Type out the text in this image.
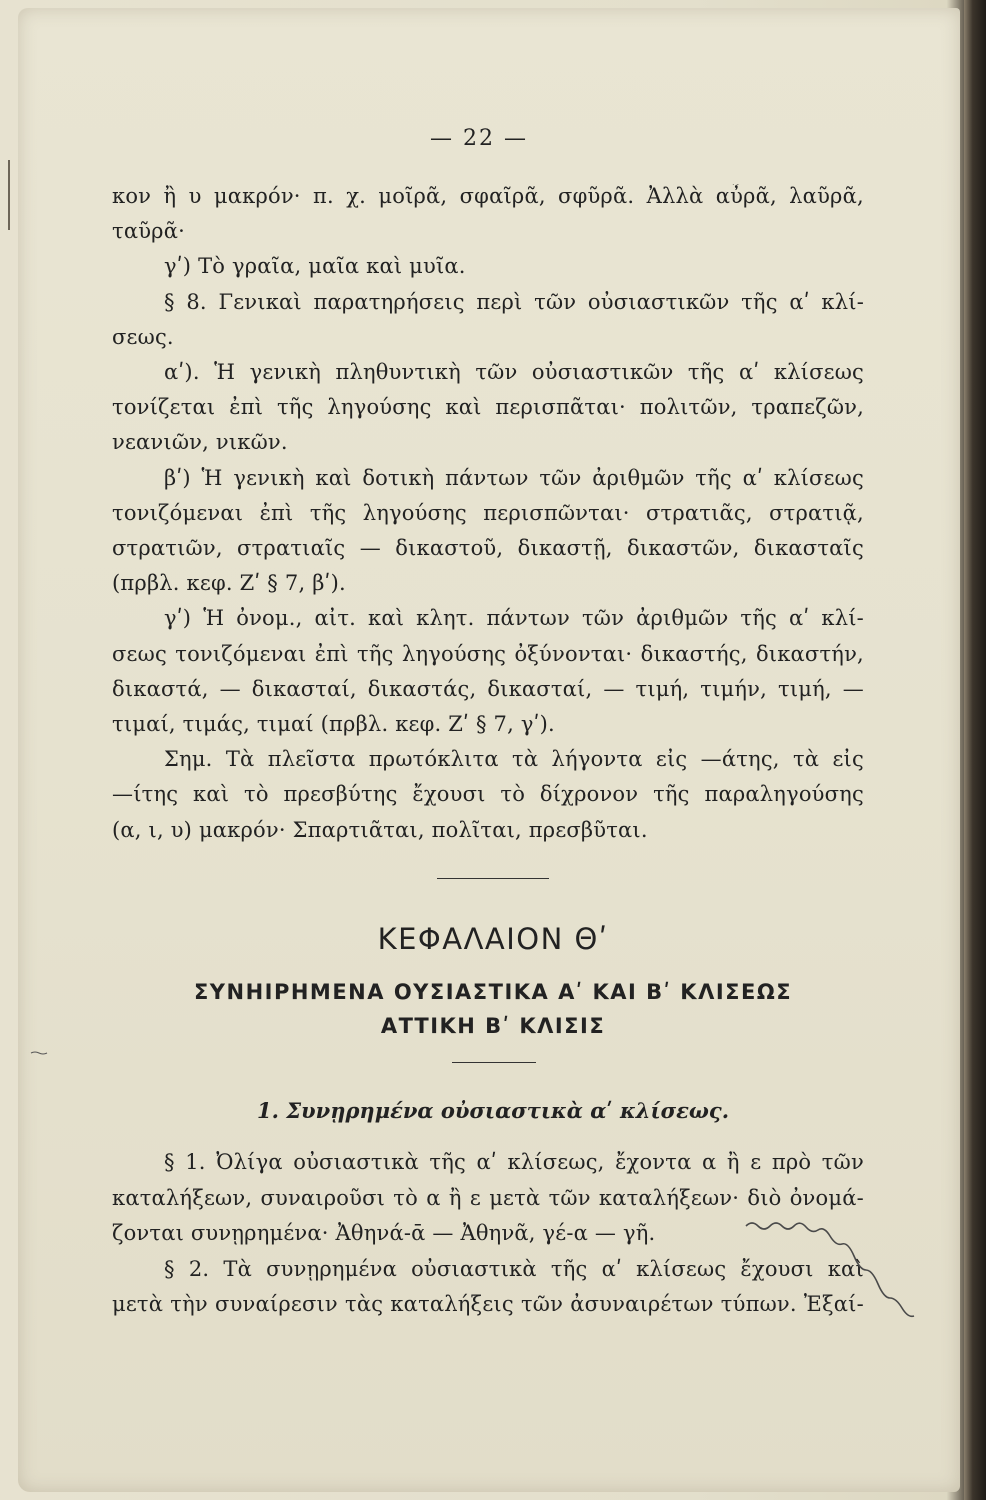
— 22 —
κον ἢ υ μακρόν· π. χ. μοῖρᾶ, σφαῖρᾶ, σφῦρᾶ. Ἀλλὰ αὖρᾶ, λαῦρᾶ,
ταῦρᾶ·
γʹ) Τὸ γραῖα, μαῖα καὶ μυῖα.
§ 8. Γενικαὶ παρατηρήσεις περὶ τῶν οὐσιαστικῶν τῆς αʹ κλί-
σεως.
αʹ). Ἡ γενικὴ πληθυντικὴ τῶν οὐσιαστικῶν τῆς αʹ κλίσεως
τονίζεται ἐπὶ τῆς ληγούσης καὶ περισπᾶται· πολιτῶν, τραπεζῶν,
νεανιῶν, νικῶν.
βʹ) Ἡ γενικὴ καὶ δοτικὴ πάντων τῶν ἀριθμῶν τῆς αʹ κλίσεως
τονιζόμεναι ἐπὶ τῆς ληγούσης περισπῶνται· στρατιᾶς, στρατιᾷ,
στρατιῶν, στρατιαῖς — δικαστοῦ, δικαστῇ, δικαστῶν, δικασταῖς
(πρβλ. κεφ. Ζʹ § 7, βʹ).
γʹ) Ἡ ὀνομ., αἰτ. καὶ κλητ. πάντων τῶν ἀριθμῶν τῆς αʹ κλί-
σεως τονιζόμεναι ἐπὶ τῆς ληγούσης ὀξύνονται· δικαστής, δικαστήν,
δικαστά, — δικασταί, δικαστάς, δικασταί, — τιμή, τιμήν, τιμή, —
τιμαί, τιμάς, τιμαί (πρβλ. κεφ. Ζʹ § 7, γʹ).
Σημ. Τὰ πλεῖστα πρωτόκλιτα τὰ λήγοντα εἰς —άτης, τὰ εἰς
—ίτης καὶ τὸ πρεσβύτης ἔχουσι τὸ δίχρονον τῆς παραληγούσης
(α, ι, υ) μακρόν· Σπαρτιᾶται, πολῖται, πρεσβῦται.
ΚΕΦΑΛΑΙΟΝ Θʹ
ΣΥΝΗΙΡΗΜΕΝΑ ΟΥΣΙΑΣΤΙΚΑ Αʹ ΚΑΙ Βʹ ΚΛΙΣΕΩΣ
ΑΤΤΙΚΗ Βʹ ΚΛΙΣΙΣ
1. Συνῃρημένα οὐσιαστικὰ αʹ κλίσεως.
§ 1. Ὀλίγα οὐσιαστικὰ τῆς αʹ κλίσεως, ἔχοντα α ἢ ε πρὸ τῶν
καταλήξεων, συναιροῦσι τὸ α ἢ ε μετὰ τῶν καταλήξεων· διὸ ὀνομά-
ζονται συνῃρημένα· Ἀθηνά-ᾱ — Ἀθηνᾶ, γέ-α — γῆ.
§ 2. Τὰ συνῃρημένα οὐσιαστικὰ τῆς αʹ κλίσεως ἔχουσι καὶ
μετὰ τὴν συναίρεσιν τὰς καταλήξεις τῶν ἀσυναιρέτων τύπων. Ἐξαί-
